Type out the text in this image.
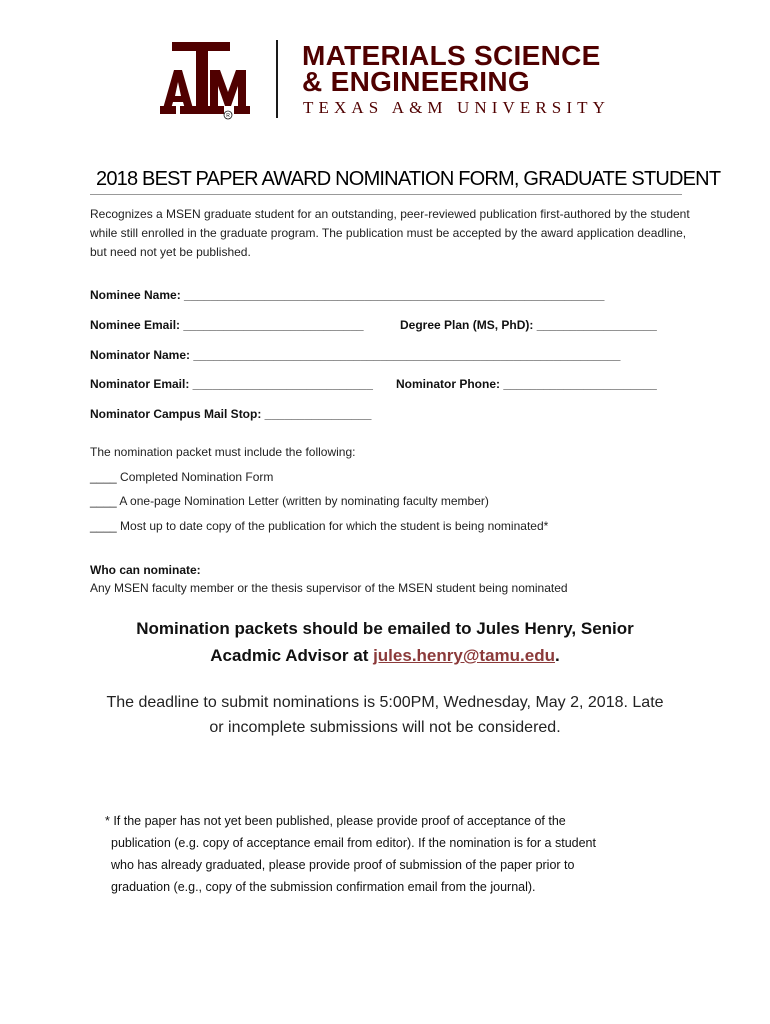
R
MATERIALS SCIENCE
& ENGINEERING
TEXAS A&M UNIVERSITY
2018 BEST PAPER AWARD NOMINATION FORM, GRADUATE STUDENT
Recognizes a MSEN graduate student for an outstanding, peer-reviewed publication first-authored by the student while still enrolled in the graduate program. The publication must be accepted by the award application deadline, but need not yet be published.
Nominee Name: _______________________________________________________________
Nominee Email: ___________________________	Degree Plan (MS, PhD): __________________
Nominator Name: ________________________________________________________________
Nominator Email: ___________________________ Nominator Phone: _______________________
Nominator Campus Mail Stop: ________________
The nomination packet must include the following:
____ Completed Nomination Form
____ A one-page Nomination Letter (written by nominating faculty member)
____ Most up to date copy of the publication for which the student is being nominated*
Who can nominate:
Any MSEN faculty member or the thesis supervisor of the MSEN student being nominated
Nomination packets should be emailed to Jules Henry, Senior
Acadmic Advisor at jules.henry@tamu.edu.
The deadline to submit nominations is 5:00PM, Wednesday, May 2, 2018. Late
or incomplete submissions will not be considered.
* If the paper has not yet been published, please provide proof of acceptance of the
publication (e.g. copy of acceptance email from editor). If the nomination is for a student
who has already graduated, please provide proof of submission of the paper prior to
graduation (e.g., copy of the submission confirmation email from the journal).
